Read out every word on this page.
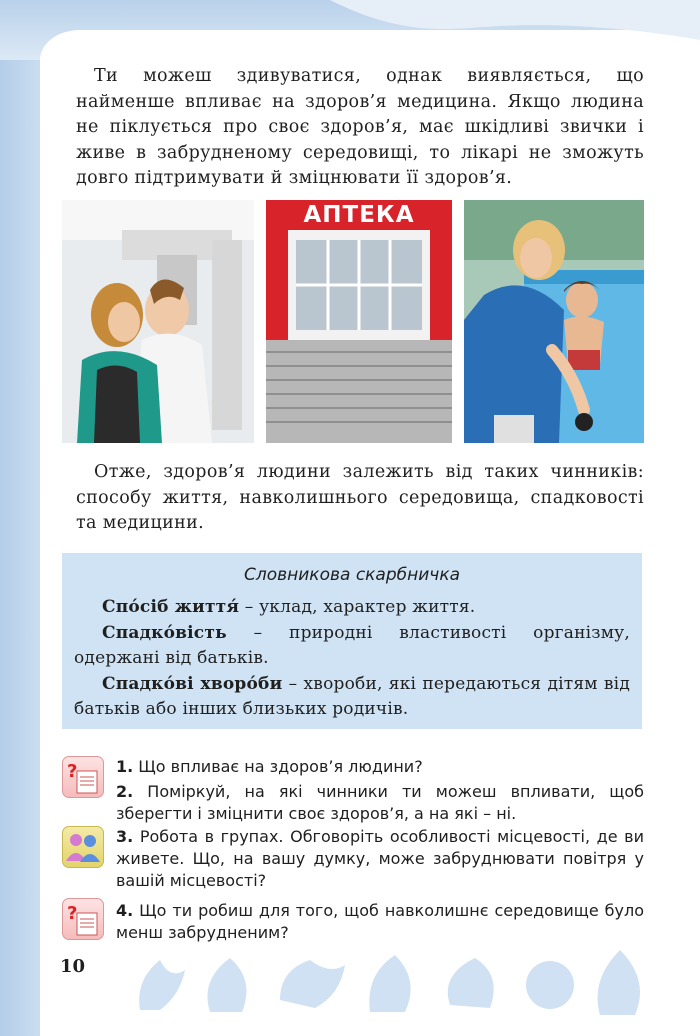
Ти можеш здивуватися, однак виявляється, що найменше впливає на здоров’я медицина. Якщо людина не піклується про своє здоров’я, має шкідливі звички і живе в забрудненому середовищі, то лікарі не зможуть довго підтримувати й зміцнювати її здоров’я.

АПТЕКА

Отже, здоров’я людини залежить від таких чинників: способу життя, навколишнього середовища, спадковості та медицини.

Словникова скарбничка

Спо́сіб життя́ – уклад, характер життя.

Спадко́вість – природні властивості організму, одержані від батьків.

Спадко́ві хворо́би – хвороби, які передаються дітям від батьків або інших близьких родичів.

?
?
1. Що впливає на здоров’я людини?
2. Поміркуй, на які чинники ти можеш впливати, щоб зберегти і зміцнити своє здоров’я, а на які – ні.
3. Робота в групах. Обговоріть особливості місцевості, де ви живете. Що, на вашу думку, може забруднювати повітря у вашій місцевості?
4. Що ти робиш для того, щоб навколишнє середовище було менш забрудненим?
10
